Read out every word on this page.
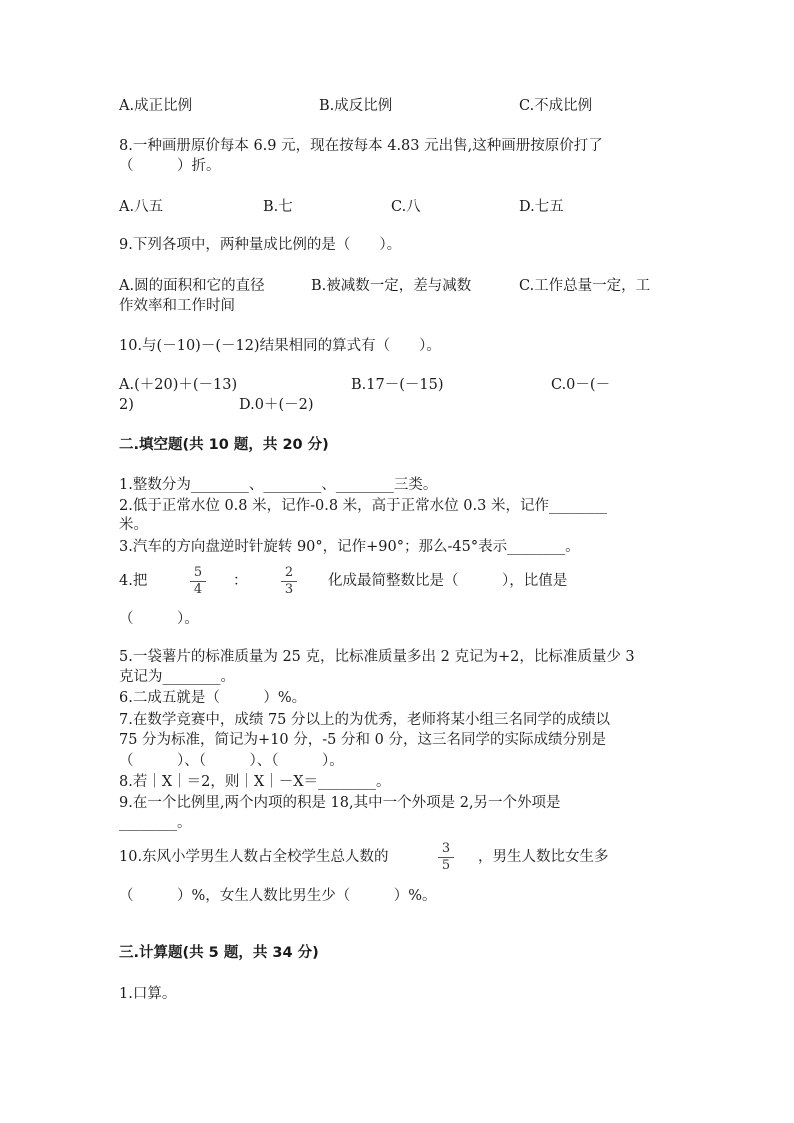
A.成正比例	B.成反比例	C.不成比例
8.一种画册原价每本 6.9 元，现在按每本 4.83 元出售,这种画册按原价打了
（　　　）折。
A.八五	B.七	C.八	D.七五
9.下列各项中，两种量成比例的是（　　）。
A.圆的面积和它的直径	B.被减数一定，差与减数	C.工作总量一定，工
作效率和工作时间
10.与(－10)－(－12)结果相同的算式有（　　）。
A.(＋20)＋(－13)	B.17－(－15)	C.0－(－
2)	D.0＋(－2)
二.填空题(共 10 题，共 20 分)
1.整数分为________、________、________三类。
2.低于正常水位 0.8 米，记作-0.8 米，高于正常水位 0.3 米，记作________
米。
3.汽车的方向盘逆时针旋转 90°，记作+90°；那么-45°表示________。
4.把
5
4
：
2
3
化成最简整数比是（　　　），比值是
（　　　）。
5.一袋薯片的标准质量为 25 克，比标准质量多出 2 克记为+2，比标准质量少 3
克记为________。
6.二成五就是（　　　）%。
7.在数学竞赛中，成绩 75 分以上的为优秀，老师将某小组三名同学的成绩以
75 分为标准，简记为+10 分，-5 分和 0 分，这三名同学的实际成绩分别是
（　　　）、（　　　）、（　　　）。
8.若｜X｜＝2，则｜X｜－X＝________。
9.在一个比例里,两个内项的积是 18,其中一个外项是 2,另一个外项是
________。
10.东风小学男生人数占全校学生总人数的
3
5
，男生人数比女生多
（　　　）%，女生人数比男生少（　　　）%。
三.计算题(共 5 题，共 34 分)
1.口算。
